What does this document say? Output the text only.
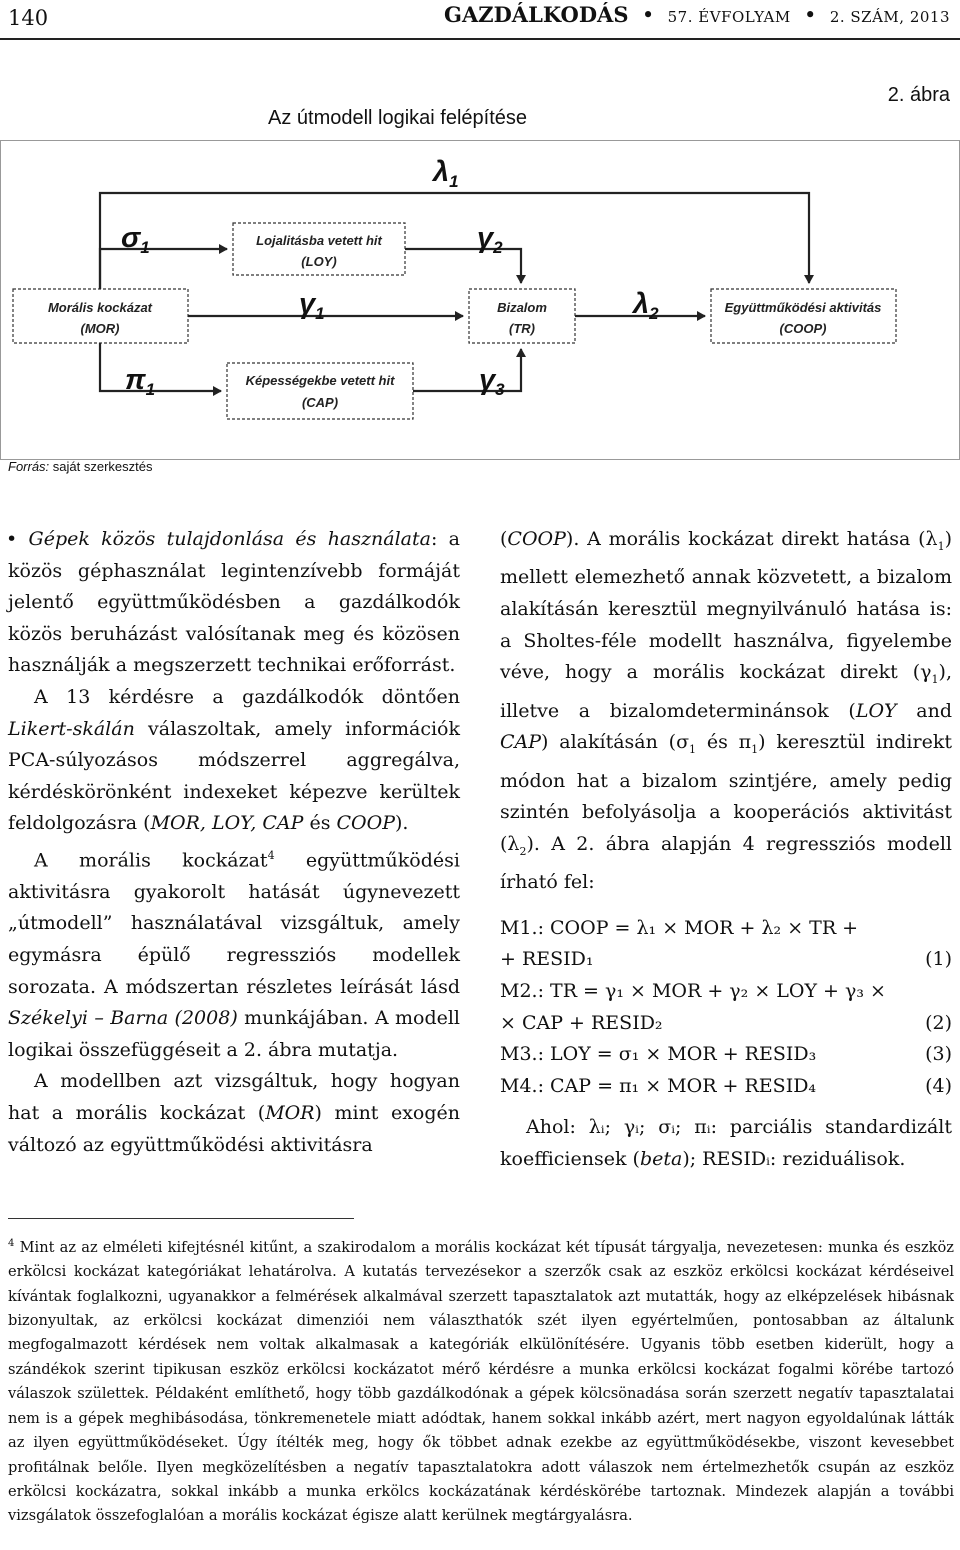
140	GAZDÁLKODÁS  •  57. ÉVFOLYAM  •  2. SZÁM, 2013
2. ábra
Az útmodell logikai felépítése
Morális kockázat
(MOR)
Lojalitásba vetett hit
(LOY)
Képességekbe vetett hit
(CAP)
Bizalom
(TR)
Együttműködési aktivitás
(COOP)
$\lambda_1$
$\sigma_1$	$\gamma_2$
$\gamma_1$	$\lambda_2$
$\pi_1$	$\gamma_3$
Forrás: saját szerkesztés

• Gépek közös tulajdonlása és használata: a közös géphasználat legintenzívebb formáját jelentő együttműködésben a gazdálkodók közös beruházást valósítanak meg és közösen használják a megszerzett technikai erőforrást.

A 13 kérdésre a gazdálkodók döntően Likert-skálán válaszoltak, amely információk PCA-súlyozásos módszerrel aggregálva, kérdéskörönként indexeket képezve kerültek feldolgozásra (MOR, LOY, CAP és COOP).

A morális kockázat$^4$ együttműködési aktivitásra gyakorolt hatását úgynevezett „útmodell” használatával vizsgáltuk, amely egymásra épülő regressziós modellek sorozata. A módszertan részletes leírását lásd Székelyi – Barna (2008) munkájában. A modell logikai összefüggéseit a 2. ábra mutatja.

A modellben azt vizsgáltuk, hogy hogyan hat a morális kockázat (MOR) mint exogén változó az együttműködési aktivitásra

(COOP). A morális kockázat direkt hatása $(\lambda_1)$ mellett elemezhető annak közvetett, a bizalom alakításán keresztül megnyilvánuló hatása is: a Sholtes-féle modellt használva, figyelembe véve, hogy a morális kockázat direkt $(\gamma_1)$, illetve a bizalomdeterminánsok (LOY and CAP) alakításán ($\sigma_1$ és $\pi_1$) keresztül indirekt módon hat a bizalom szintjére, amely pedig szintén befolyásolja a kooperációs aktivitást $(\lambda_2)$. A 2. ábra alapján 4 regressziós modell írható fel:

M1.: COOP = λ₁ × MOR + λ₂ × TR +
+ RESID₁	(1)
M2.: TR = γ₁ × MOR + γ₂ × LOY + γ₃ ×
× CAP + RESID₂	(2)
M3.: LOY = σ₁ × MOR + RESID₃	(3)
M4.: CAP = π₁ × MOR + RESID₄	(4)

Ahol: λᵢ; γᵢ; σᵢ; πᵢ: parciális standardizált koefficiensek (beta); RESIDᵢ: reziduálisok.

$^4$ Mint az az elméleti kifejtésnél kitűnt, a szakirodalom a morális kockázat két típusát tárgyalja, nevezetesen: munka és eszköz erkölcsi kockázat kategóriákat lehatárolva. A kutatás tervezésekor a szerzők csak az eszköz erkölcsi kockázat kérdéseivel kívántak foglalkozni, ugyanakkor a felmérések alkalmával szerzett tapasztalatok azt mutatták, hogy az elképzelések hibásnak bizonyultak, az erkölcsi kockázat dimenziói nem választhatók szét ilyen egyértelműen, pontosabban az általunk megfogalmazott kérdések nem voltak alkalmasak a kategóriák elkülönítésére. Ugyanis több esetben kiderült, hogy a szándékok szerint tipikusan eszköz erkölcsi kockázatot mérő kérdésre a munka erkölcsi kockázat fogalmi körébe tartozó válaszok születtek. Példaként említhető, hogy több gazdálkodónak a gépek kölcsönadása során szerzett negatív tapasztalatai nem is a gépek meghibásodása, tönkremenetele miatt adódtak, hanem sokkal inkább azért, mert nagyon egyoldalúnak látták az ilyen együttműködéseket. Úgy ítélték meg, hogy ők többet adnak ezekbe az együttműködésekbe, viszont kevesebbet profitálnak belőle. Ilyen megközelítésben a negatív tapasztalatokra adott válaszok nem értelmezhetők csupán az eszköz erkölcsi kockázatra, sokkal inkább a munka erkölcs kockázatának kérdéskörébe tartoznak. Mindezek alapján a további vizsgálatok összefoglalóan a morális kockázat égisze alatt kerülnek megtárgyalásra.
